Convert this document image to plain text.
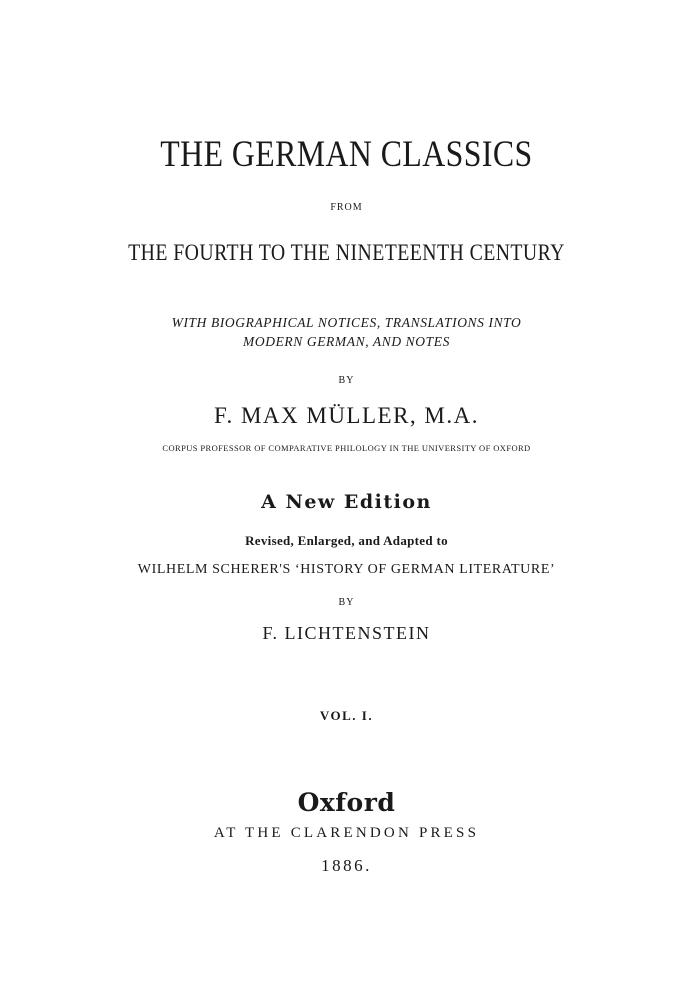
THE GERMAN CLASSICS
FROM
THE FOURTH TO THE NINETEENTH CENTURY
WITH BIOGRAPHICAL NOTICES, TRANSLATIONS INTO
MODERN GERMAN, AND NOTES
BY
F. MAX MÜLLER, M.A.
CORPUS PROFESSOR OF COMPARATIVE PHILOLOGY IN THE UNIVERSITY OF OXFORD
A New Edition
Revised, Enlarged, and Adapted to
WILHELM SCHERER'S ‘HISTORY OF GERMAN LITERATURE’
BY
F. LICHTENSTEIN
VOL. I.
Oxford
AT THE CLARENDON PRESS
1886.
